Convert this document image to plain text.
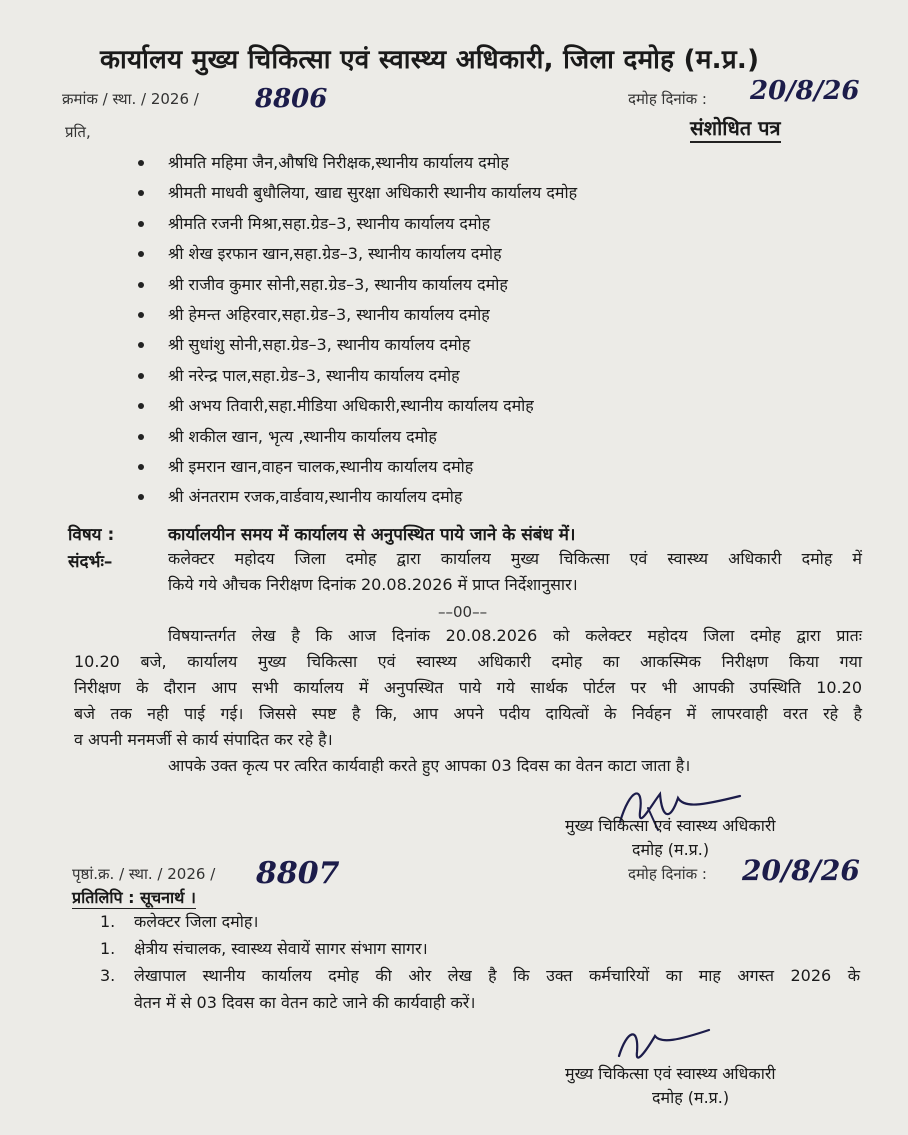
कार्यालय मुख्य चिकित्सा एवं स्वास्थ्य अधिकारी, जिला दमोह (म.प्र.)
क्रमांक / स्था. / 2026 / 8806	दमोह दिनांक : 20/8/26
संशोधित पत्र
प्रति,
श्रीमति महिमा जैन,औषधि निरीक्षक,स्थानीय कार्यालय दमोह
श्रीमती माधवी बुधौलिया, खाद्य सुरक्षा अधिकारी स्थानीय कार्यालय दमोह
श्रीमति रजनी मिश्रा,सहा.ग्रेड–3, स्थानीय कार्यालय दमोह
श्री शेख इरफान खान,सहा.ग्रेड–3, स्थानीय कार्यालय दमोह
श्री राजीव कुमार सोनी,सहा.ग्रेड–3, स्थानीय कार्यालय दमोह
श्री हेमन्त अहिरवार,सहा.ग्रेड–3, स्थानीय कार्यालय दमोह
श्री सुधांशु सोनी,सहा.ग्रेड–3, स्थानीय कार्यालय दमोह
श्री नरेन्द्र पाल,सहा.ग्रेड–3, स्थानीय कार्यालय दमोह
श्री अभय तिवारी,सहा.मीडिया अधिकारी,स्थानीय कार्यालय दमोह
श्री शकील खान, भृत्य ,स्थानीय कार्यालय दमोह
श्री इमरान खान,वाहन चालक,स्थानीय कार्यालय दमोह
श्री अंनतराम रजक,वार्डवाय,स्थानीय कार्यालय दमोह
विषय :	कार्यालयीन समय में कार्यालय से अनुपस्थित पाये जाने के संबंध में।
संदर्भः–	कलेक्टर महोदय जिला दमोह द्वारा कार्यालय मुख्य चिकित्सा एवं स्वास्थ्य अधिकारी दमोह में
किये गये औचक निरीक्षण दिनांक 20.08.2026 में प्राप्त निर्देशानुसार।
––00––
विषयान्तर्गत लेख है कि आज दिनांक 20.08.2026 को कलेक्टर महोदय जिला दमोह द्वारा प्रातः
10.20 बजे, कार्यालय मुख्य चिकित्सा एवं स्वास्थ्य अधिकारी दमोह का आकस्मिक निरीक्षण किया गया
निरीक्षण के दौरान आप सभी कार्यालय में अनुपस्थित पाये गये सार्थक पोर्टल पर भी आपकी उपस्थिति 10.20
बजे तक नही पाई गई। जिससे स्पष्ट है कि, आप अपने पदीय दायित्वों के निर्वहन में लापरवाही वरत रहे है
व अपनी मनमर्जी से कार्य संपादित कर रहे है।
आपके उक्त कृत्य पर त्वरित कार्यवाही करते हुए आपका 03 दिवस का वेतन काटा जाता है।
मुख्य चिकित्सा एवं स्वास्थ्य अधिकारी
दमोह (म.प्र.)
पृष्ठां.क्र. / स्था. / 2026 / 8807	दमोह दिनांक : 20/8/26
प्रतिलिपि : सूचनार्थ ।
1. कलेक्टर जिला दमोह।
1. क्षेत्रीय संचालक, स्वास्थ्य सेवायें सागर संभाग सागर।
3. लेखापाल स्थानीय कार्यालय दमोह की ओर लेख है कि उक्त कर्मचारियों का माह अगस्त 2026 के
वेतन में से 03 दिवस का वेतन काटे जाने की कार्यवाही करें।
मुख्य चिकित्सा एवं स्वास्थ्य अधिकारी
दमोह (म.प्र.)
